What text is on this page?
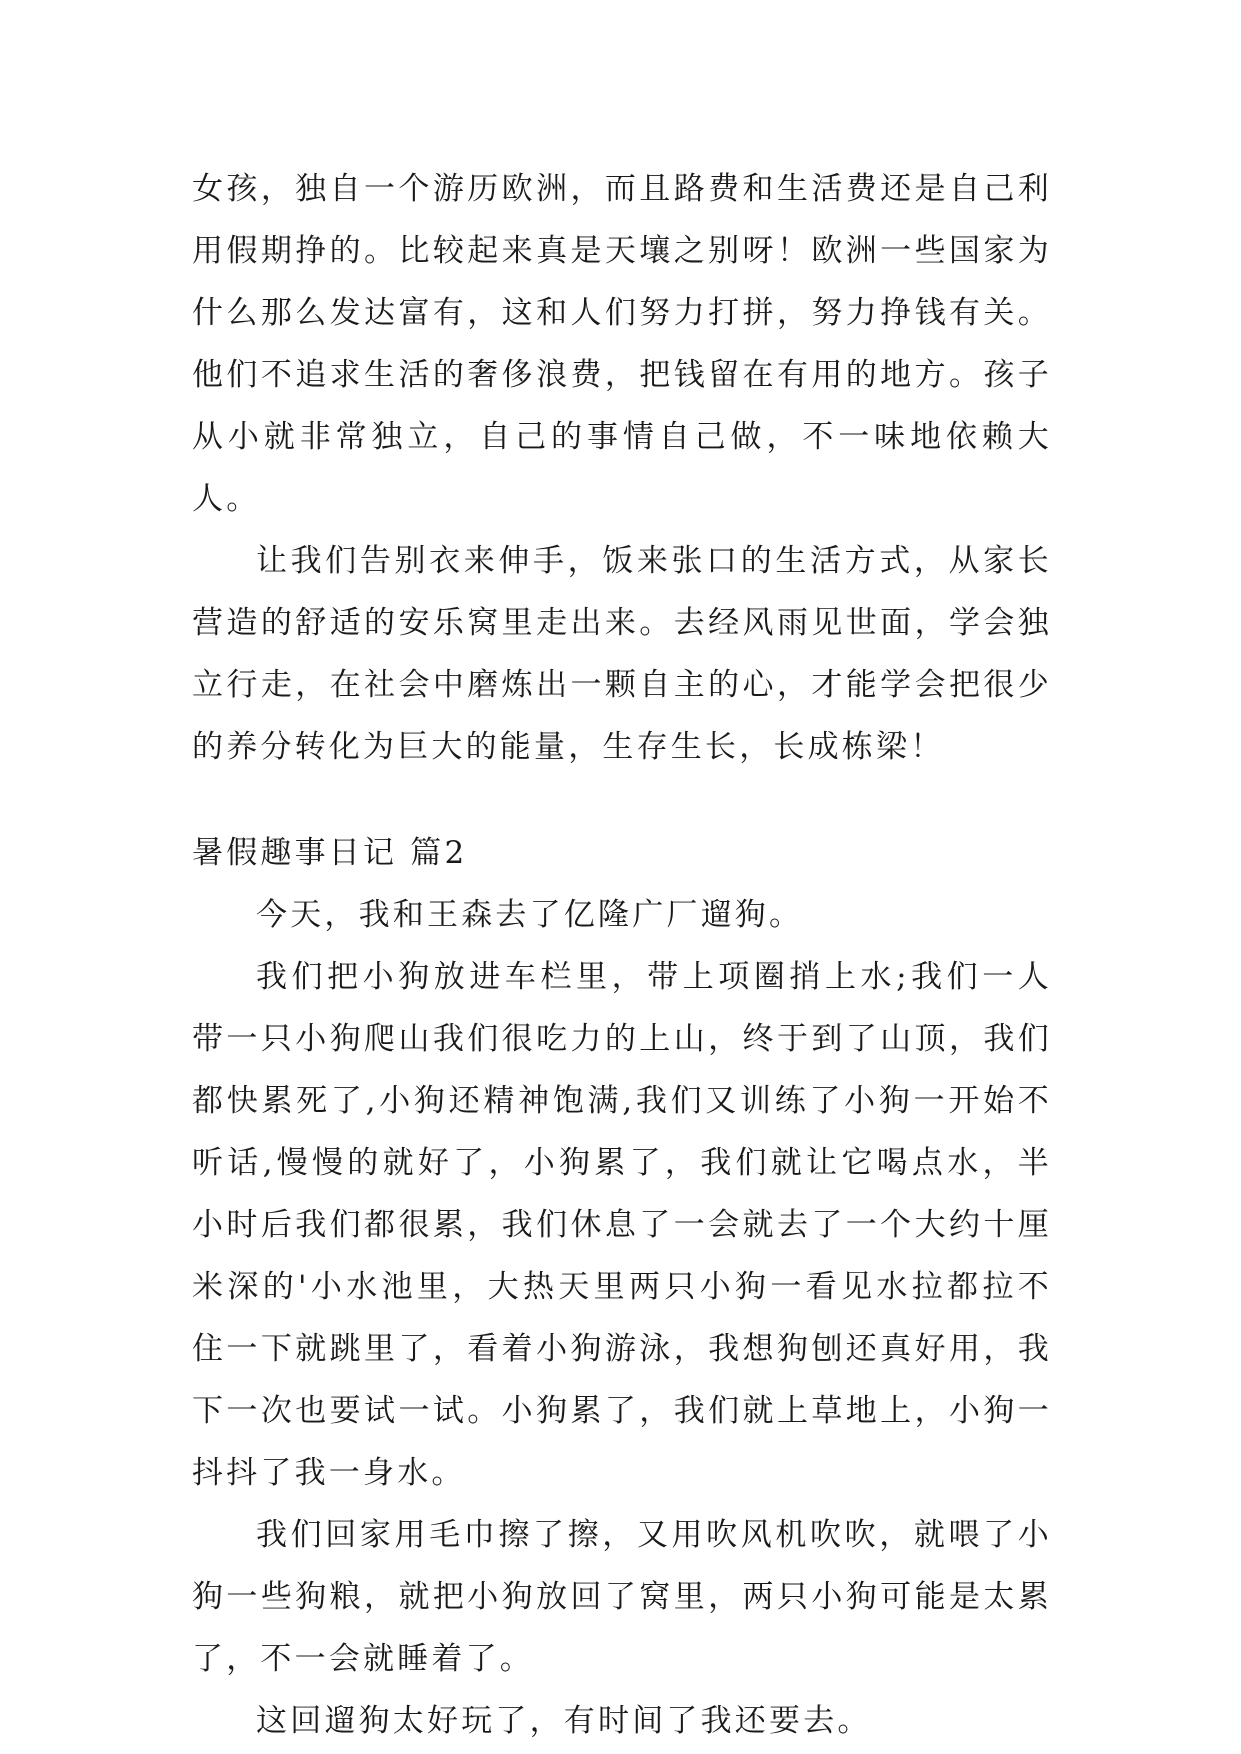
女孩，独自一个游历欧洲，而且路费和生活费还是自己利用假期挣的。比较起来真是天壤之别呀！欧洲一些国家为什么那么发达富有，这和人们努力打拼，努力挣钱有关。他们不追求生活的奢侈浪费，把钱留在有用的地方。孩子从小就非常独立，自己的事情自己做，不一味地依赖大人。

让我们告别衣来伸手，饭来张口的生活方式，从家长营造的舒适的安乐窝里走出来。去经风雨见世面，学会独立行走，在社会中磨炼出一颗自主的心，才能学会把很少的养分转化为巨大的能量，生存生长，长成栋梁！

暑假趣事日记 篇2

今天，我和王森去了亿隆广厂遛狗。

我们把小狗放进车栏里，带上项圈捎上水;我们一人带一只小狗爬山我们很吃力的上山，终于到了山顶，我们都快累死了,小狗还精神饱满,我们又训练了小狗一开始不听话,慢慢的就好了，小狗累了，我们就让它喝点水，半小时后我们都很累，我们休息了一会就去了一个大约十厘米深的'小水池里，大热天里两只小狗一看见水拉都拉不住一下就跳里了，看着小狗游泳，我想狗刨还真好用，我下一次也要试一试。小狗累了，我们就上草地上，小狗一抖抖了我一身水。

我们回家用毛巾擦了擦，又用吹风机吹吹，就喂了小狗一些狗粮，就把小狗放回了窝里，两只小狗可能是太累了，不一会就睡着了。

这回遛狗太好玩了，有时间了我还要去。
